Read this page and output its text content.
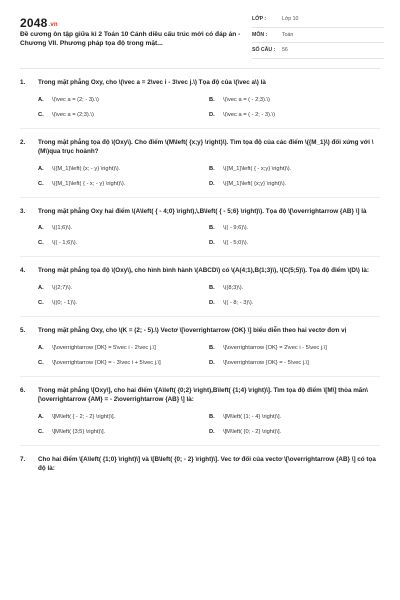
2048.vn
Đề cương ôn tập giữa kì 2 Toán 10 Cánh diều cấu trúc mới có đáp án - Chương VII. Phương pháp tọa độ trong mặt...
LỚP :	Lớp 10
MÔN :	Toán
SỐ CÂU :	56
1.	Trong mặt phẳng Oxy, cho \(\vec a = 2\vec i - 3\vec j.\) Tọa độ của \(\vec a\) là
A.	\(\vec a = (2; - 3).\)	B.	\(\vec a = ( - 2;3).\)
C.	\(\vec a = (2;3).\)	D.	\(\vec a = ( - 2; - 3).\)
2.	Trong mặt phẳng tọa độ \(Oxy\). Cho điểm \(M\left( {x;y} \right)\). Tìm tọa độ của các điểm \({M_1}\) đối xứng với \(M\)qua trục hoành?
A.	\({M_1}\left( {x; - y} \right)\).	B.	\({M_1}\left( { - x;y} \right)\).
C.	\({M_1}\left( { - x; - y} \right)\).	D.	\({M_1}\left( {x;y} \right)\).
3.	Trong mặt phẳng Oxy hai điểm \(A\left( { - 4;0} \right),\,B\left( { - 5;6} \right)\). Tọa độ \[\overrightarrow {AB} \] là
A.	\((1;6)\).	B.	\(( - 9;6)\).
C.	\(( - 1;6)\).	D.	\(( - 5;0)\).
4.	Trong mặt phẳng tọa độ \(Oxy\), cho hình bình hành \(ABCD\) có \(A(4;1),B(1;3)\), \(C(5;5)\). Tọa độ điểm \(D\) là:
A.	\((2;7)\).	B.	\((8;3)\).
C.	\((0; - 1)\).	D.	\(( - 8; - 3)\).
5.	Trong mặt phẳng Oxy, cho \(K = (2; - 5).\) Vectơ \[\overrightarrow {OK} \] biểu diễn theo hai vectơ đơn vị
A.	\[\overrightarrow {OK} = 5\vec i - 2\vec j.\]	B.	\[\overrightarrow {OK} = 2\vec i - 5\vec j.\]
C.	\[\overrightarrow {OK} = - 3\vec i + 5\vec j.\]	D.	\[\overrightarrow {OK} = - 5\vec j.\]
6.	Trong mặt phẳng \[Oxy\], cho hai điểm \[A\left( {0;2} \right),B\left( {1;4} \right)\]. Tìm tọa độ điểm \[M\] thỏa mãn\[\overrightarrow {AM} = - 2\overrightarrow {AB} \] là:
A.	\[M\left( { - 2; - 2} \right)\].	B.	\[M\left( {1; - 4} \right)\].
C.	\[M\left( {3;5} \right)\].	D.	\[M\left( {0; - 2} \right)\].
7.	Cho hai điểm \[A\left( {1;0} \right)\] và \[B\left( {0; - 2} \right)\]. Vec tơ đối của vectơ \[\overrightarrow {AB} \] có tọa độ là:
